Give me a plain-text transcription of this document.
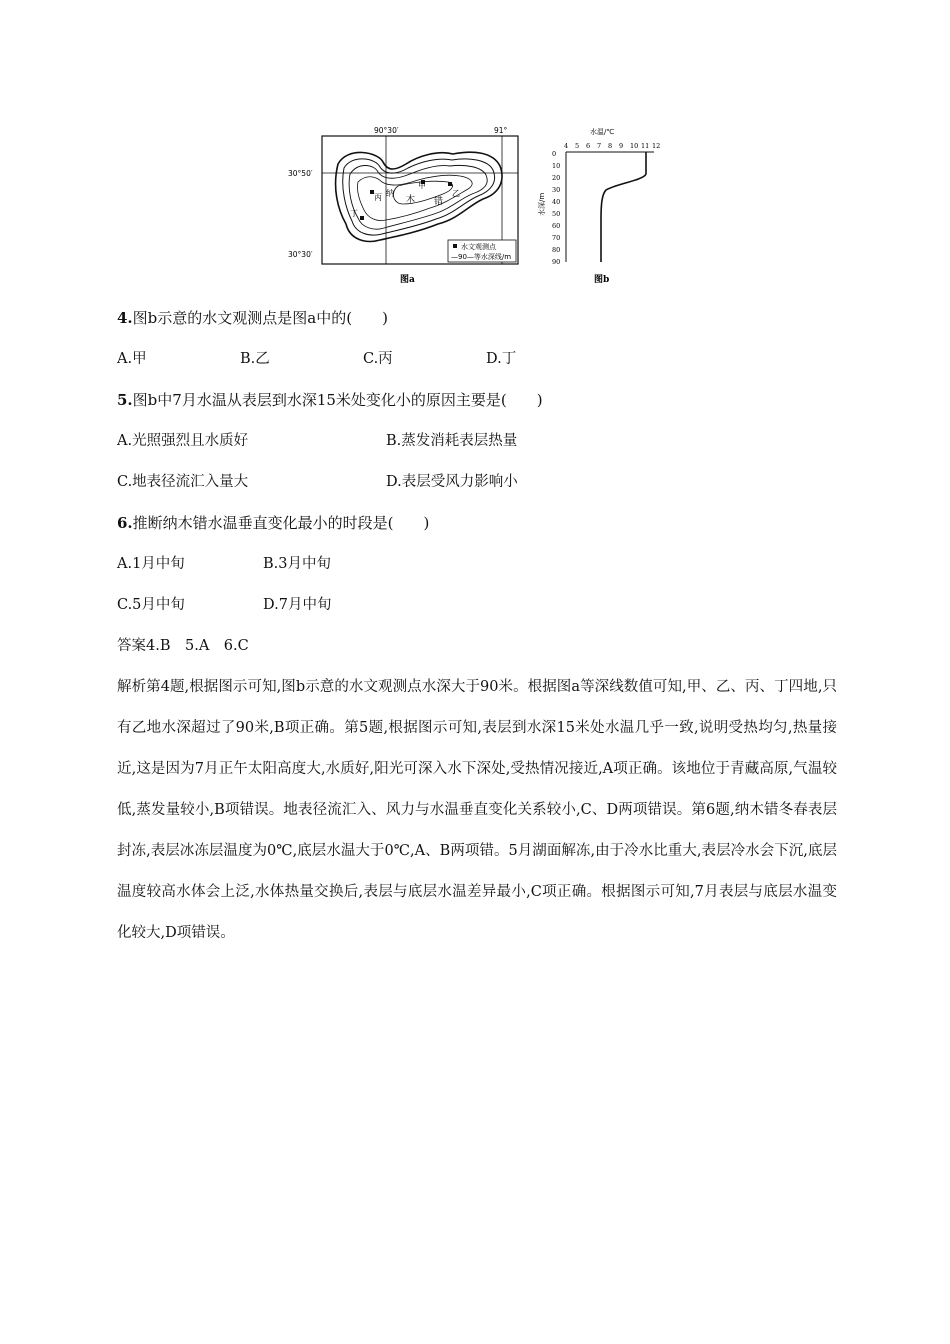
水文观测点
—90—等水深线/m
90°30′	91°
30°50′
30°30′
甲
乙
丙
丁
纳
木 错
图a
水温/℃
4 5 6 7 8 9 10 11 12
0
10
20
30
40
50
60
70
80
90
水深/m
图b

4.图b示意的水文观测点是图a中的(　　)

A.甲	B.乙	C.丙	D.丁

5.图b中7月水温从表层到水深15米处变化小的原因主要是(　　)

A.光照强烈且水质好	B.蒸发消耗表层热量
C.地表径流汇入量大	D.表层受风力影响小

6.推断纳木错水温垂直变化最小的时段是(　　)

A.1月中旬	B.3月中旬
C.5月中旬	D.7月中旬
答案4.B　5.A　6.C
解析第4题,根据图示可知,图b示意的水文观测点水深大于90米。根据图a等深线数值可知,甲、乙、丙、丁四地,只有乙地水深超过了90米,B项正确。第5题,根据图示可知,表层到水深15米处水温几乎一致,说明受热均匀,热量接近,这是因为7月正午太阳高度大,水质好,阳光可深入水下深处,受热情况接近,A项正确。该地位于青藏高原,气温较低,蒸发量较小,B项错误。地表径流汇入、风力与水温垂直变化关系较小,C、D两项错误。第6题,纳木错冬春表层封冻,表层冰冻层温度为0℃,底层水温大于0℃,A、B两项错。5月湖面解冻,由于冷水比重大,表层冷水会下沉,底层温度较高水体会上泛,水体热量交换后,表层与底层水温差异最小,C项正确。根据图示可知,7月表层与底层水温变化较大,D项错误。
